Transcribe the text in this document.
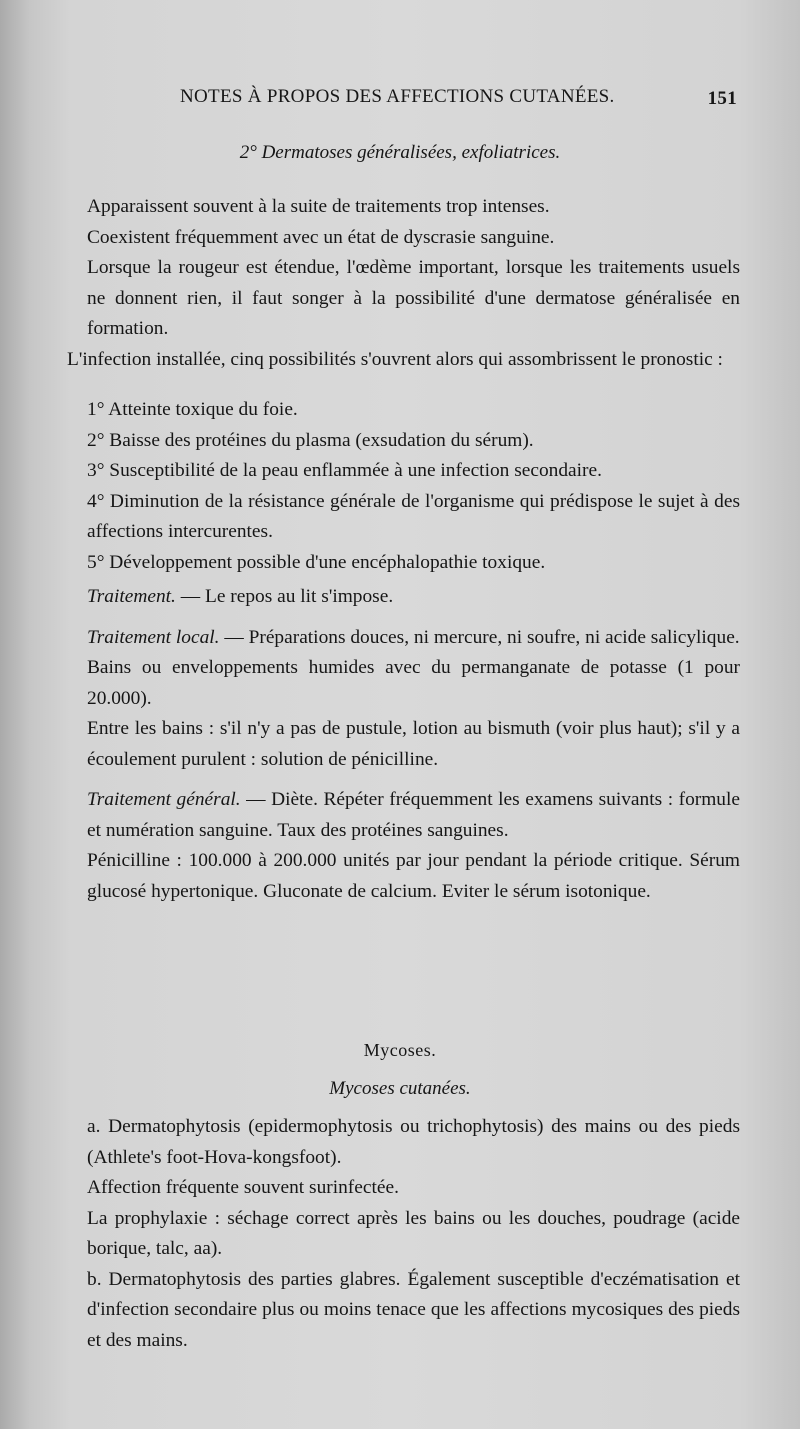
NOTES À PROPOS DES AFFECTIONS CUTANÉES.	151
2° Dermatoses généralisées, exfoliatrices.

Apparaissent souvent à la suite de traitements trop intenses.

Coexistent fréquemment avec un état de dyscrasie sanguine.

Lorsque la rougeur est étendue, l'œdème important, lorsque les traitements usuels ne donnent rien, il faut songer à la possibilité d'une dermatose généralisée en formation.

L'infection installée, cinq possibilités s'ouvrent alors qui assombrissent le pronostic :

1° Atteinte toxique du foie.

2° Baisse des protéines du plasma (exsudation du sérum).

3° Susceptibilité de la peau enflammée à une infection secondaire.

4° Diminution de la résistance générale de l'organisme qui prédispose le sujet à des affections intercurentes.

5° Développement possible d'une encéphalopathie toxique.

Traitement. — Le repos au lit s'impose.

Traitement local. — Préparations douces, ni mercure, ni soufre, ni acide salicylique.

Bains ou enveloppements humides avec du permanganate de potasse (1 pour 20.000).

Entre les bains : s'il n'y a pas de pustule, lotion au bismuth (voir plus haut); s'il y a écoulement purulent : solution de pénicilline.

Traitement général. — Diète. Répéter fréquemment les examens suivants : formule et numération sanguine. Taux des protéines sanguines.

Pénicilline : 100.000 à 200.000 unités par jour pendant la période critique. Sérum glucosé hypertonique. Gluconate de calcium. Eviter le sérum isotonique.

Mycoses.
Mycoses cutanées.

a. Dermatophytosis (epidermophytosis ou trichophytosis) des mains ou des pieds (Athlete's foot-Hova-kongsfoot).

Affection fréquente souvent surinfectée.

La prophylaxie : séchage correct après les bains ou les douches, poudrage (acide borique, talc, aa).

b. Dermatophytosis des parties glabres. Également susceptible d'eczématisation et d'infection secondaire plus ou moins tenace que les affections mycosiques des pieds et des mains.
